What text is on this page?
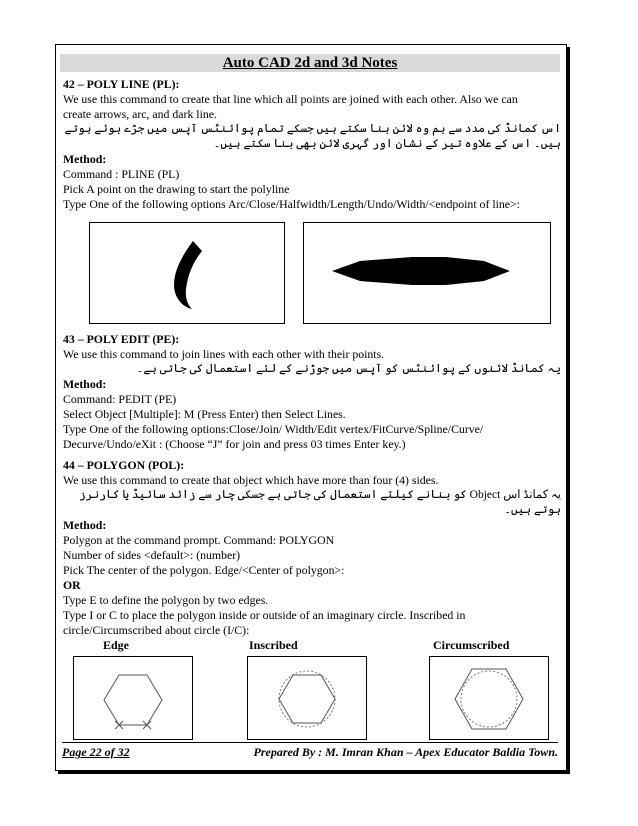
Auto CAD 2d and 3d Notes

42 – POLY LINE (PL):

We use this command to create that line which all points are joined with each other. Also we can

create arrows, arc, and dark line.

اس کمانڈ کی مدد سے ہم وہ لائن بنا سکتے ہیں جسکے تمام پوائنٹس آپس میں جڑے ہوئے ہوتے ہیں۔ اس کے علاوہ تیر کے نشان اور گہری لائن بھی بنا سکتے ہیں۔

Method:

Command : PLINE (PL)

Pick A point on the drawing to start the polyline

Type One of the following options Arc/Close/Halfwidth/Length/Undo/Width/<endpoint of line>:

43 – POLY EDIT (PE):

We use this command to join lines with each other with their points.

یہ کمانڈ لائنوں کے پوائنٹس کو آپس میں جوڑنے کے لئے استعمال کی جاتی ہے۔

Method:

Command: PEDIT (PE)

Select Object [Multiple]: M (Press Enter) then Select Lines.

Type One of the following options:Close/Join/ Width/Edit vertex/FitCurve/Spline/Curve/

Decurve/Undo/eXit : (Choose “J” for join and press 03 times Enter key.)

44 – POLYGON (POL):

We use this command to create that object which have more than four (4) sides.

یہ کمانڈ اس Object کو بنانے کیلئے استعمال کی جاتی ہے جسکی چار سے زائد سائیڈ یا کارنرز ہوتے ہیں۔

Method:

Polygon at the command prompt. Command: POLYGON

Number of sides <default>: (number)

Pick The center of the polygon. Edge/<Center of polygon>:

OR

Type E to define the polygon by two edges.

Type I or C to place the polygon inside or outside of an imaginary circle. Inscribed in

circle/Circumscribed about circle (I/C):

Edge	Inscribed	Circumscribed
Page 22 of 32	Prepared By : M. Imran Khan – Apex Educator Baldia Town.
